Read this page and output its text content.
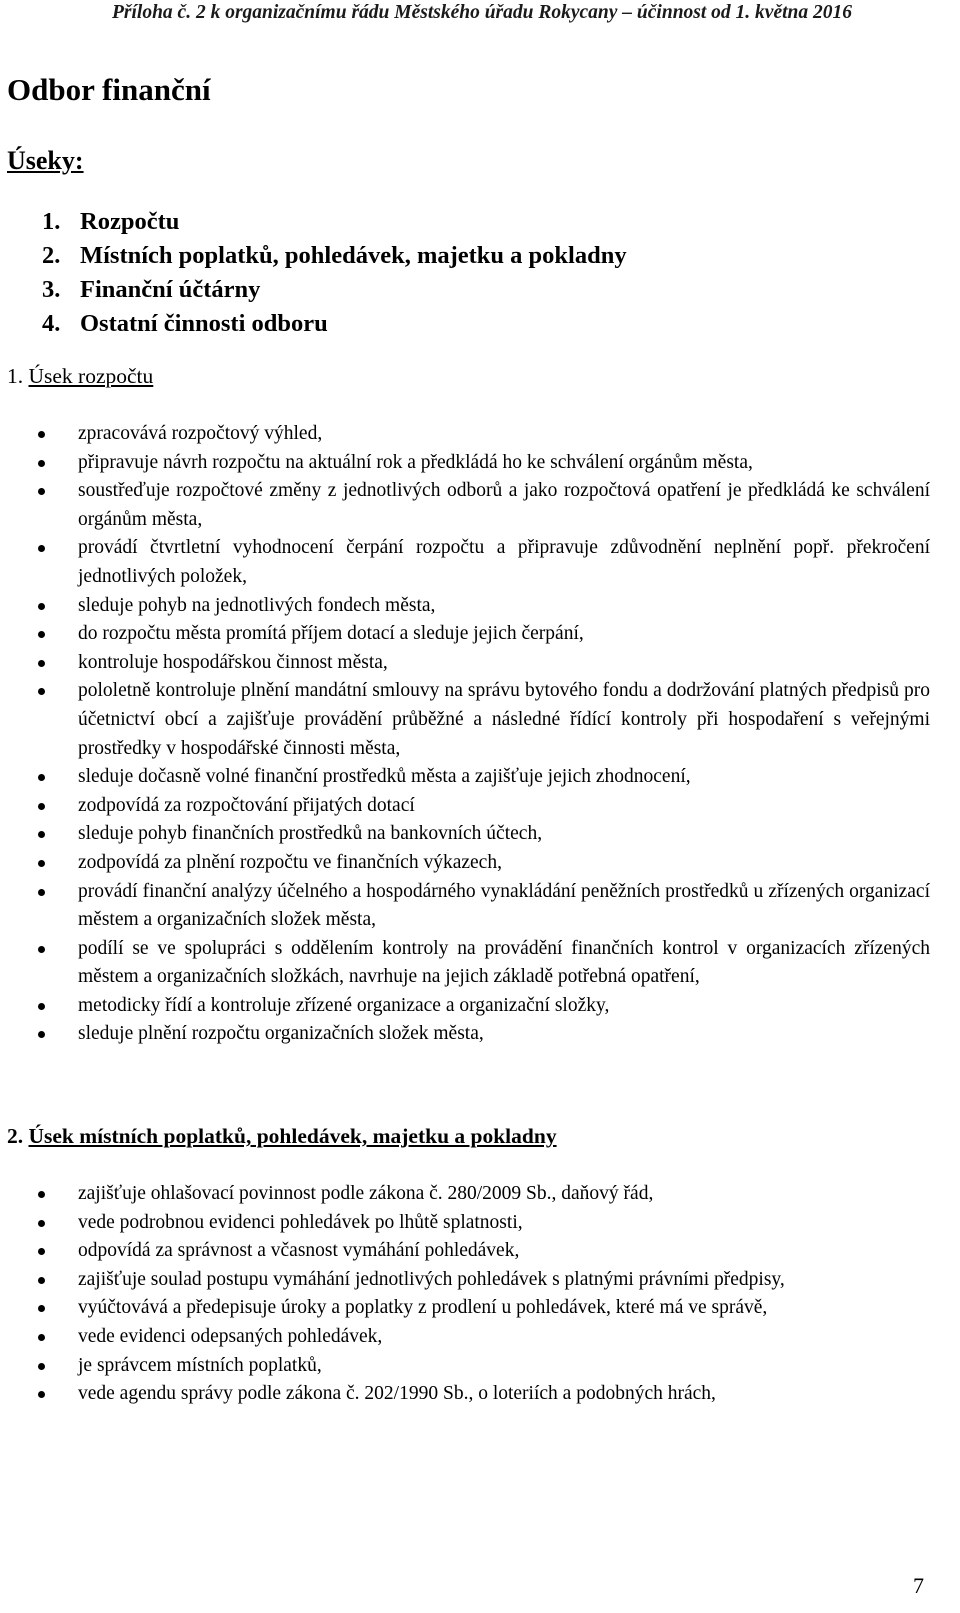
Příloha č. 2 k organizačnímu řádu Městského úřadu Rokycany – účinnost od 1. května 2016
Odbor finanční
Úseky:
1. Rozpočtu
2. Místních poplatků, pohledávek, majetku a pokladny
3. Finanční účtárny
4. Ostatní činnosti odboru
1. Úsek rozpočtu
zpracovává rozpočtový výhled,
připravuje návrh rozpočtu na aktuální rok a předkládá ho ke schválení orgánům města,
soustřeďuje rozpočtové změny z jednotlivých odborů a jako rozpočtová opatření je předkládá ke schválení orgánům města,
provádí čtvrtletní vyhodnocení čerpání rozpočtu a připravuje zdůvodnění neplnění popř. překročení jednotlivých položek,
sleduje pohyb na jednotlivých fondech města,
do rozpočtu města promítá příjem dotací a sleduje jejich čerpání,
kontroluje hospodářskou činnost města,
pololetně kontroluje plnění mandátní smlouvy na správu bytového fondu a dodržování platných předpisů pro účetnictví obcí a zajišťuje provádění průběžné a následné řídící kontroly při hospodaření s veřejnými prostředky v hospodářské činnosti města,
sleduje dočasně volné finanční prostředků města a zajišťuje jejich zhodnocení,
zodpovídá za rozpočtování přijatých dotací
sleduje pohyb finančních prostředků na bankovních účtech,
zodpovídá za plnění rozpočtu ve finančních výkazech,
provádí finanční analýzy účelného a hospodárného vynakládání peněžních prostředků u zřízených organizací městem a organizačních složek města,
podílí se ve spolupráci s oddělením kontroly na provádění finančních kontrol v organizacích zřízených městem a organizačních složkách, navrhuje na jejich základě potřebná opatření,
metodicky řídí a kontroluje zřízené organizace a organizační složky,
sleduje plnění rozpočtu organizačních složek města,
2. Úsek místních poplatků, pohledávek, majetku a pokladny
zajišťuje ohlašovací povinnost podle zákona č. 280/2009 Sb., daňový řád,
vede podrobnou evidenci pohledávek po lhůtě splatnosti,
odpovídá za správnost a včasnost vymáhání pohledávek,
zajišťuje soulad postupu vymáhání jednotlivých pohledávek s platnými právními předpisy,
vyúčtovává a předepisuje úroky a poplatky z prodlení u pohledávek, které má ve správě,
vede evidenci odepsaných pohledávek,
je správcem místních poplatků,
vede agendu správy podle zákona č. 202/1990 Sb., o loteriích a podobných hrách,
7
